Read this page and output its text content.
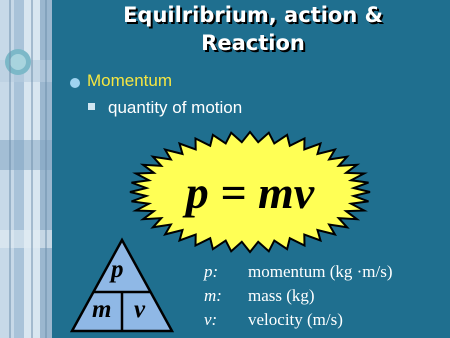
Equilribrium, action &
Reaction
Momentum
quantity of motion
p = mv
p
m v
p: momentum (kg ·m/s)
m: mass (kg)
v: velocity (m/s)
